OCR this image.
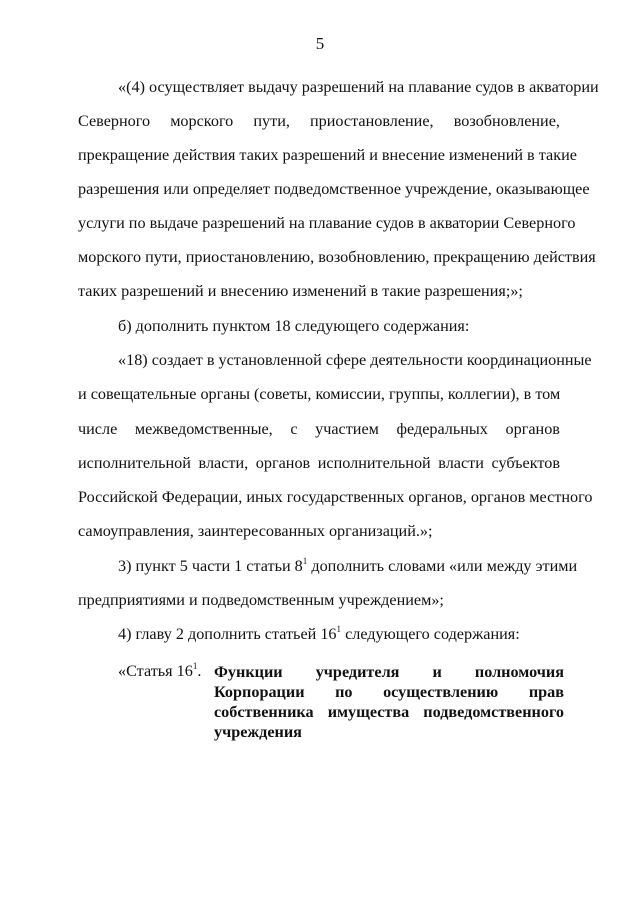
5
«(4) осуществляет выдачу разрешений на плавание судов в акватории
Северного морского пути, приостановление, возобновление,
прекращение действия таких разрешений и внесение изменений в такие
разрешения или определяет подведомственное учреждение, оказывающее
услуги по выдаче разрешений на плавание судов в акватории Северного
морского пути, приостановлению, возобновлению, прекращению действия
таких разрешений и внесению изменений в такие разрешения;»;
б) дополнить пунктом 18 следующего содержания:
«18) создает в установленной сфере деятельности координационные
и совещательные органы (советы, комиссии, группы, коллегии), в том
числе межведомственные, с участием федеральных органов
исполнительной власти, органов исполнительной власти субъектов
Российской Федерации, иных государственных органов, органов местного
самоуправления, заинтересованных организаций.»;
3) пункт 5 части 1 статьи $8^1$ дополнить словами «или между этими
предприятиями и подведомственным учреждением»;
4) главу 2 дополнить статьей $16^1$ следующего содержания:
«Статья $16^1$. Функции учредителя и полномочия Корпорации по осуществлению прав собственника имущества подведомственного учреждения
